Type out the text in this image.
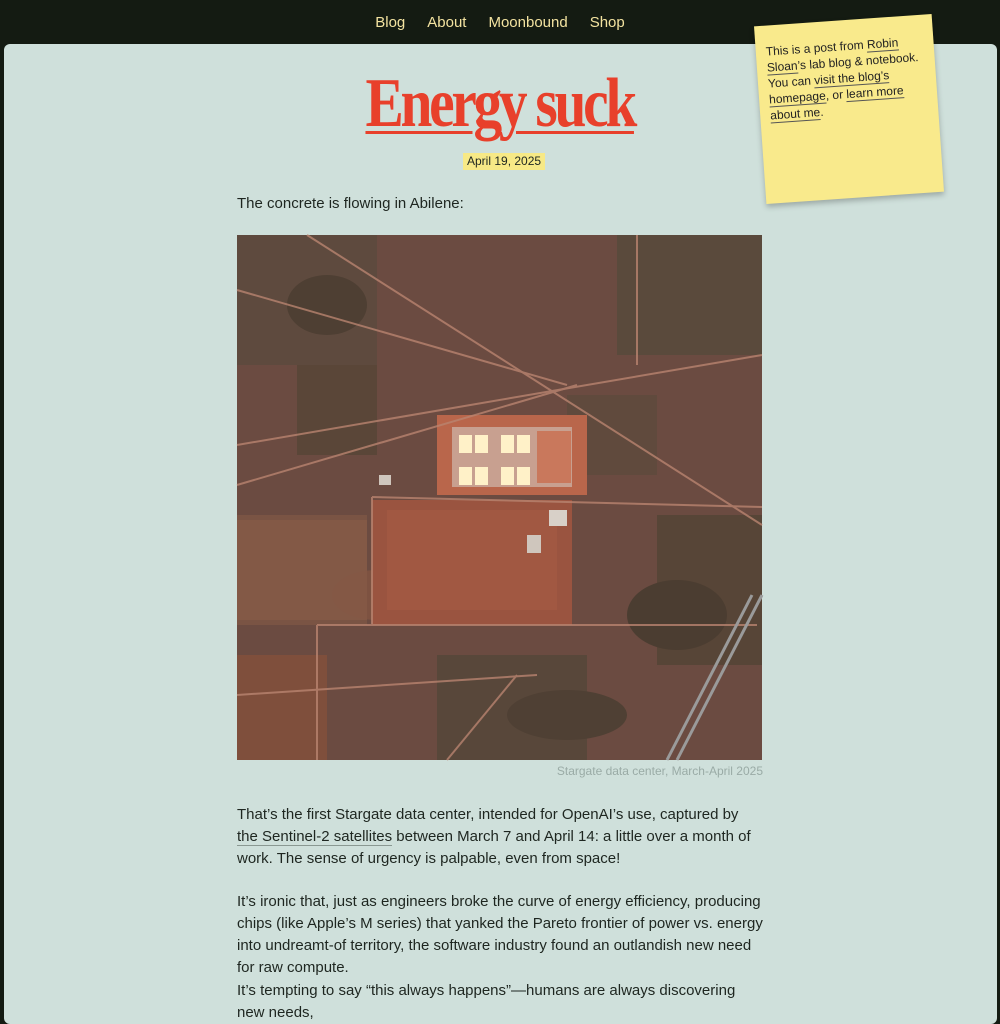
Blog About Moonbound Shop
Energy suck
April 19, 2025

The concrete is flowing in Abilene:

Stargate data center, March-April 2025

That’s the first Stargate data center, intended for OpenAI’s use, captured by the Sentinel-2 satellites between March 7 and April 14: a little over a month of work. The sense of urgency is palpable, even from space!

It’s ironic that, just as engineers broke the curve of energy efficiency, producing chips (like Apple’s M series) that yanked the Pareto frontier of power vs. energy into undreamt-of territory, the software industry found an outlandish new need for raw compute.

It’s tempting to say “this always happens”—humans are always discovering new needs,

This is a post from Robin Sloan’s lab blog & notebook. You can visit the blog’s homepage, or learn more about me.
